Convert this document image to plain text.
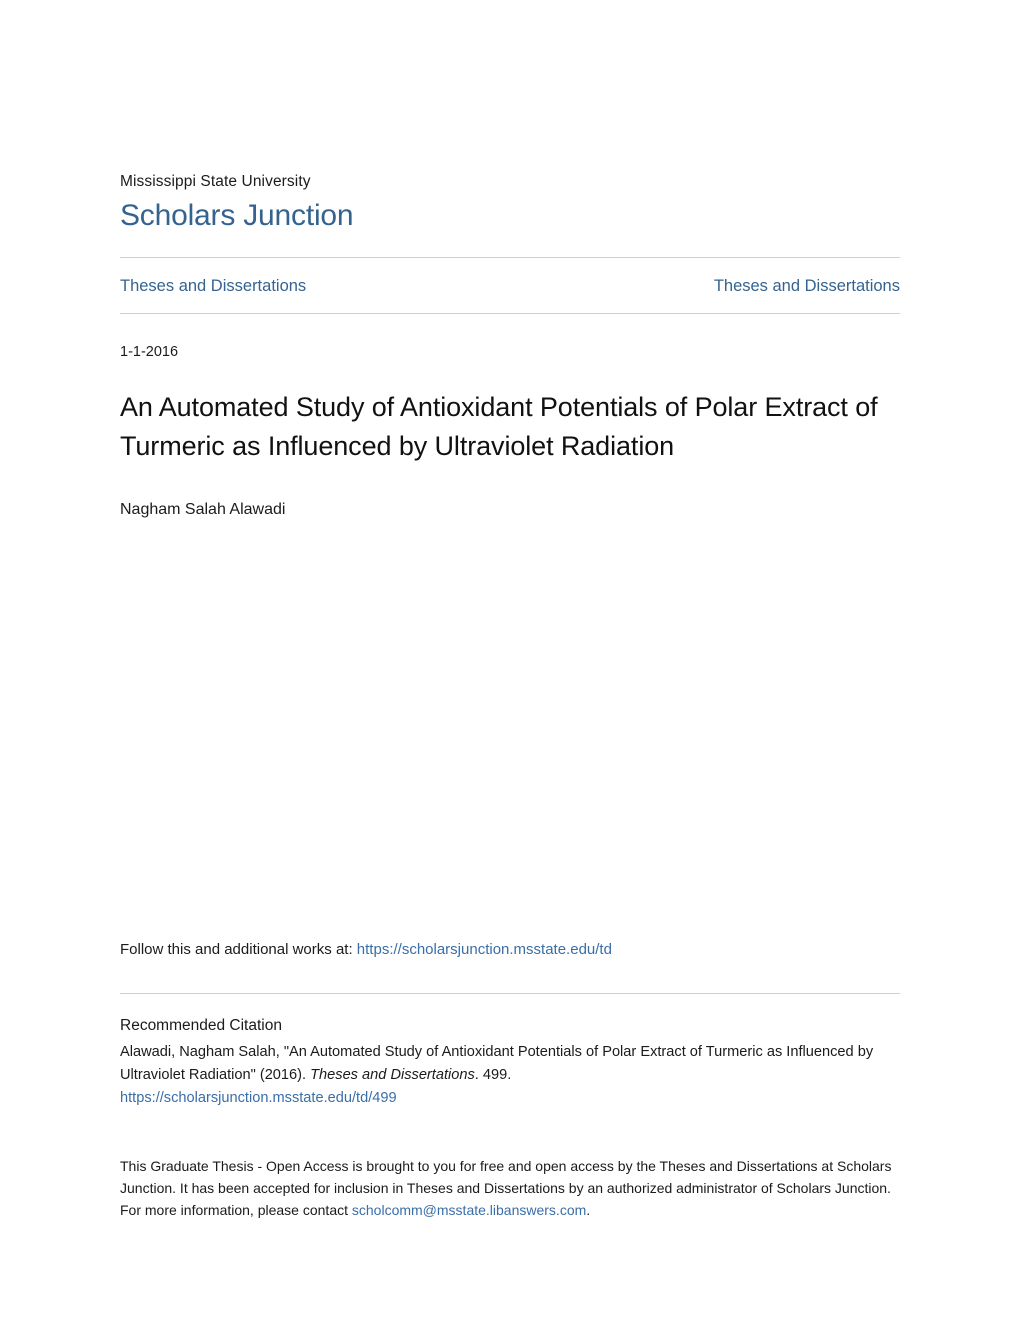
Mississippi State University
Scholars Junction
Theses and Dissertations	Theses and Dissertations
1-1-2016
An Automated Study of Antioxidant Potentials of Polar Extract of Turmeric as Influenced by Ultraviolet Radiation
Nagham Salah Alawadi
Follow this and additional works at: https://scholarsjunction.msstate.edu/td
Recommended Citation
Alawadi, Nagham Salah, "An Automated Study of Antioxidant Potentials of Polar Extract of Turmeric as Influenced by Ultraviolet Radiation" (2016). Theses and Dissertations. 499.
https://scholarsjunction.msstate.edu/td/499
This Graduate Thesis - Open Access is brought to you for free and open access by the Theses and Dissertations at Scholars Junction. It has been accepted for inclusion in Theses and Dissertations by an authorized administrator of Scholars Junction. For more information, please contact scholcomm@msstate.libanswers.com.
